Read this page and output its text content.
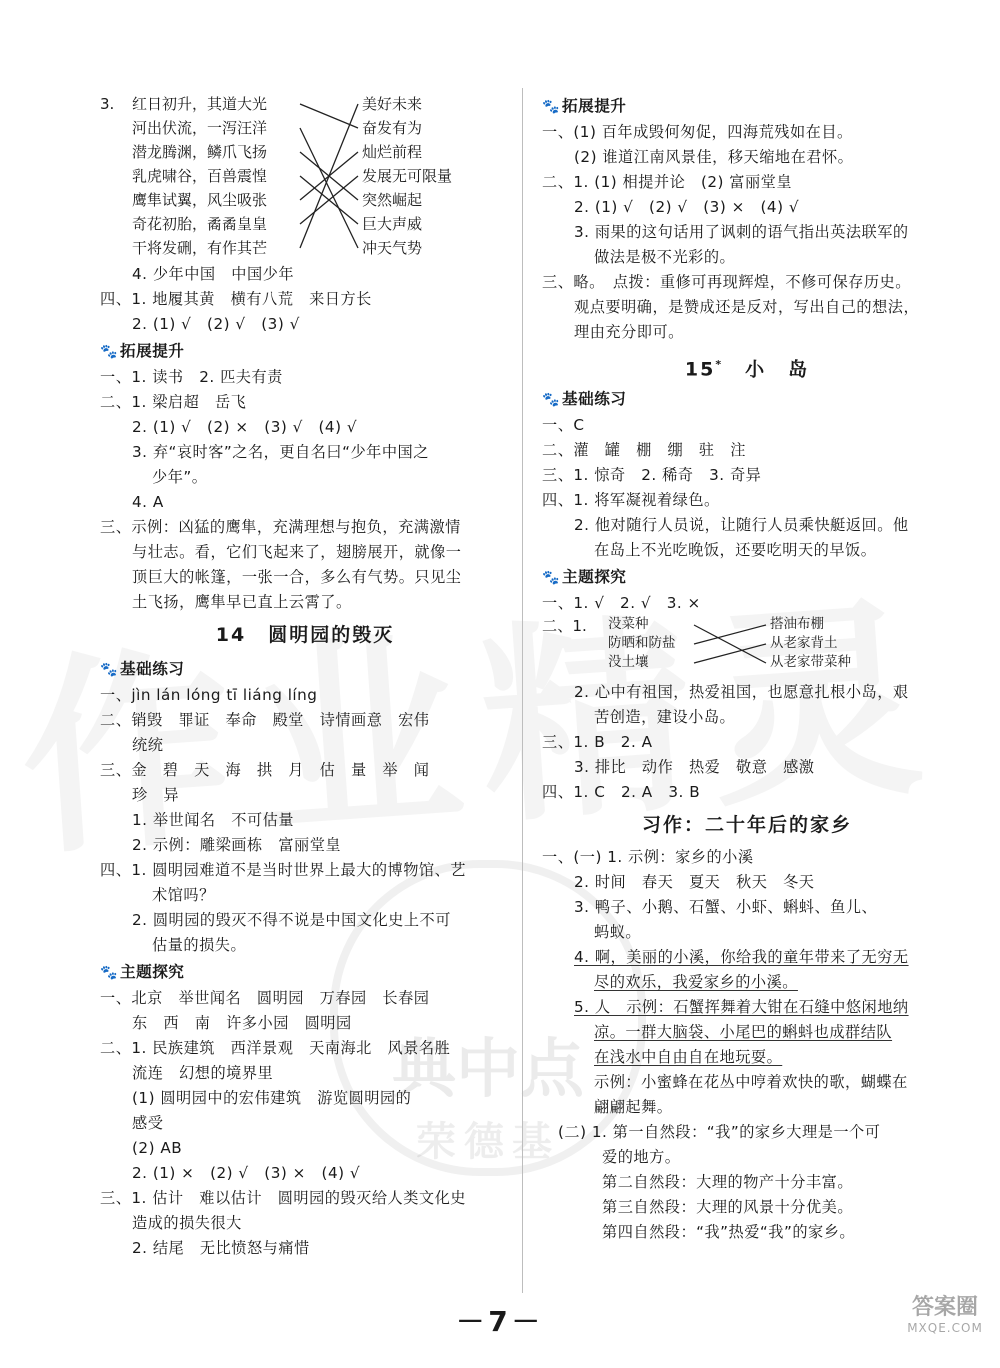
典中点
荣德基
答案圈
MXQE.COM
3. 红日初升，其道大光
河出伏流，一泻汪洋
潜龙腾渊，鳞爪飞扬
乳虎啸谷，百兽震惶
鹰隼试翼，风尘吸张
奇花初胎，矞矞皇皇
干将发硎，有作其芒
美好未来
奋发有为
灿烂前程
发展无可限量
突然崛起
巨大声威
冲天气势
4. 少年中国　中国少年
四、1. 地履其黄　横有八荒　来日方长
2. (1) √　(2) √　(3) √
🐾 拓展提升
一、1. 读书　2. 匹夫有责
二、1. 梁启超　岳飞
2. (1) √　(2) ×　(3) √　(4) √
3. 弃“哀时客”之名，更自名曰“少年中国之
少年”。
4. A
三、示例：凶猛的鹰隼，充满理想与抱负，充满激情
与壮志。看，它们飞起来了，翅膀展开，就像一
顶巨大的帐篷，一张一合，多么有气势。只见尘
土飞扬，鹰隼早已直上云霄了。
14 圆明园的毁灭
🐾 基础练习
一、jìn lán lóng tī liáng líng
二、销毁　罪证　奉命　殿堂　诗情画意　宏伟
统统
三、金　碧　天　海　拱　月　估　量　举　闻
珍　异
1. 举世闻名　不可估量
2. 示例：雕梁画栋　富丽堂皇
四、1. 圆明园难道不是当时世界上最大的博物馆、艺
术馆吗？
2. 圆明园的毁灭不得不说是中国文化史上不可
估量的损失。
🐾 主题探究
一、北京　举世闻名　圆明园　万春园　长春园
东　西　南　许多小园　圆明园
二、1. 民族建筑　西洋景观　天南海北　风景名胜
流连　幻想的境界里
(1) 圆明园中的宏伟建筑　游览圆明园的
感受
(2) AB
2. (1) ×　(2) √　(3) ×　(4) √
三、1. 估计　难以估计　圆明园的毁灭给人类文化史
造成的损失很大
2. 结尾　无比愤怒与痛惜
🐾 拓展提升
一、(1) 百年成毁何匆促，四海荒残如在目。
(2) 谁道江南风景佳，移天缩地在君怀。
二、1. (1) 相提并论　(2) 富丽堂皇
2. (1) √　(2) √　(3) ×　(4) √
3. 雨果的这句话用了讽刺的语气指出英法联军的
做法是极不光彩的。
三、略。　点拨：重修可再现辉煌，不修可保存历史。
观点要明确，是赞成还是反对，写出自己的想法，
理由充分即可。
15* 小 岛
🐾 基础练习
一、C
二、灌　罐　棚　绷　驻　注
三、1. 惊奇　2. 稀奇　3. 奇异
四、1. 将军凝视着绿色。
2. 他对随行人员说，让随行人员乘快艇返回。他
在岛上不光吃晚饭，还要吃明天的早饭。
🐾 主题探究
一、1. √　2. √　3. ×
二、1. 没菜种
防晒和防盐
没土壤
搭油布棚
从老家背土
从老家带菜种
2. 心中有祖国，热爱祖国，也愿意扎根小岛，艰
苦创造，建设小岛。
三、1. B　2. A
3. 排比　动作　热爱　敬意　感激
四、1. C　2. A　3. B
习作：二十年后的家乡
一、(一) 1. 示例：家乡的小溪
2. 时间　春天　夏天　秋天　冬天
3. 鸭子、小鹅、石蟹、小虾、蝌蚪、鱼儿、
蚂蚁。
4. 啊，美丽的小溪，你给我的童年带来了无穷无
尽的欢乐，我爱家乡的小溪。
5. 人　示例：石蟹挥舞着大钳在石缝中悠闲地纳
凉。一群大脑袋、小尾巴的蝌蚪也成群结队
在浅水中自由自在地玩耍。
示例：小蜜蜂在花丛中哼着欢快的歌，蝴蝶在
翩翩起舞。
(二) 1. 第一自然段：“我”的家乡大理是一个可
爱的地方。
第二自然段：大理的物产十分丰富。
第三自然段：大理的风景十分优美。
第四自然段：“我”热爱“我”的家乡。
－7－
